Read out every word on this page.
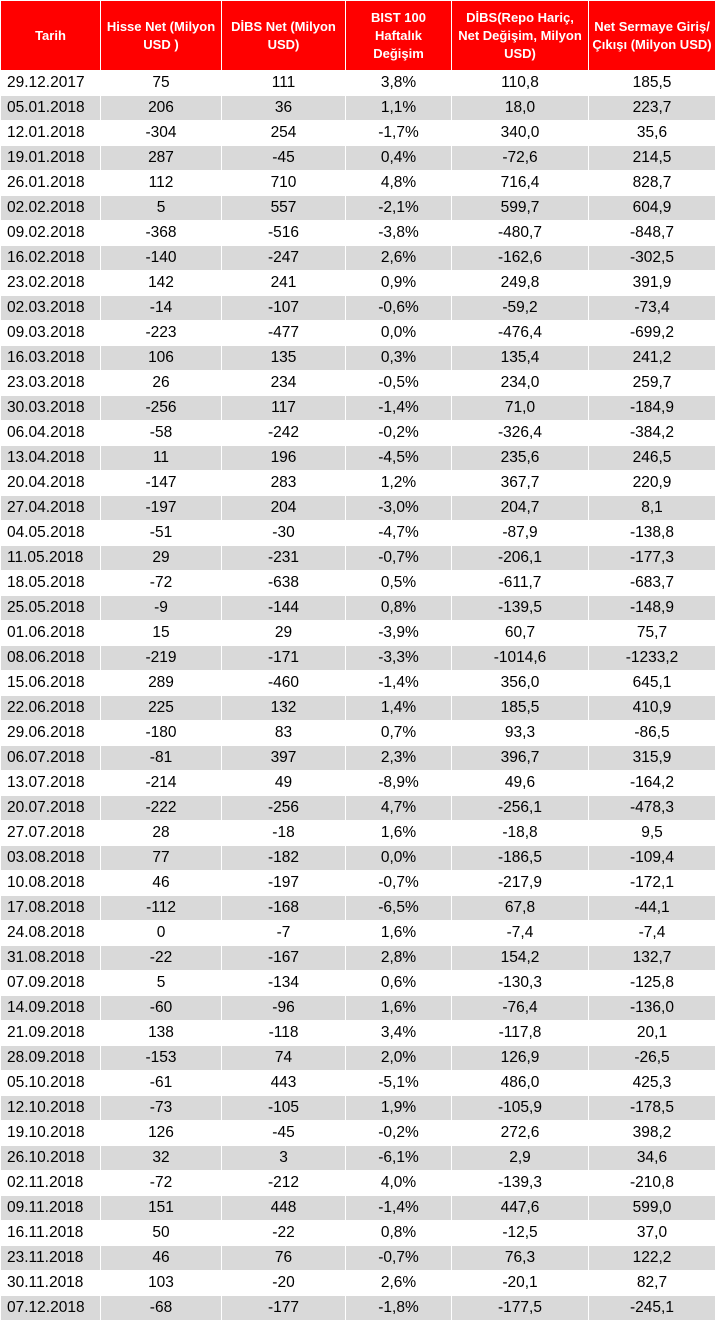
Tarih	Hisse Net (Milyon USD )	DİBS Net (Milyon USD)	BIST 100 Haftalık Değişim	DİBS(Repo Hariç, Net Değişim, Milyon USD)	Net Sermaye Giriş/Çıkışı (Milyon USD)
29.12.2017	75	111	3,8%	110,8	185,5
05.01.2018	206	36	1,1%	18,0	223,7
12.01.2018	-304	254	-1,7%	340,0	35,6
19.01.2018	287	-45	0,4%	-72,6	214,5
26.01.2018	112	710	4,8%	716,4	828,7
02.02.2018	5	557	-2,1%	599,7	604,9
09.02.2018	-368	-516	-3,8%	-480,7	-848,7
16.02.2018	-140	-247	2,6%	-162,6	-302,5
23.02.2018	142	241	0,9%	249,8	391,9
02.03.2018	-14	-107	-0,6%	-59,2	-73,4
09.03.2018	-223	-477	0,0%	-476,4	-699,2
16.03.2018	106	135	0,3%	135,4	241,2
23.03.2018	26	234	-0,5%	234,0	259,7
30.03.2018	-256	117	-1,4%	71,0	-184,9
06.04.2018	-58	-242	-0,2%	-326,4	-384,2
13.04.2018	11	196	-4,5%	235,6	246,5
20.04.2018	-147	283	1,2%	367,7	220,9
27.04.2018	-197	204	-3,0%	204,7	8,1
04.05.2018	-51	-30	-4,7%	-87,9	-138,8
11.05.2018	29	-231	-0,7%	-206,1	-177,3
18.05.2018	-72	-638	0,5%	-611,7	-683,7
25.05.2018	-9	-144	0,8%	-139,5	-148,9
01.06.2018	15	29	-3,9%	60,7	75,7
08.06.2018	-219	-171	-3,3%	-1014,6	-1233,2
15.06.2018	289	-460	-1,4%	356,0	645,1
22.06.2018	225	132	1,4%	185,5	410,9
29.06.2018	-180	83	0,7%	93,3	-86,5
06.07.2018	-81	397	2,3%	396,7	315,9
13.07.2018	-214	49	-8,9%	49,6	-164,2
20.07.2018	-222	-256	4,7%	-256,1	-478,3
27.07.2018	28	-18	1,6%	-18,8	9,5
03.08.2018	77	-182	0,0%	-186,5	-109,4
10.08.2018	46	-197	-0,7%	-217,9	-172,1
17.08.2018	-112	-168	-6,5%	67,8	-44,1
24.08.2018	0	-7	1,6%	-7,4	-7,4
31.08.2018	-22	-167	2,8%	154,2	132,7
07.09.2018	5	-134	0,6%	-130,3	-125,8
14.09.2018	-60	-96	1,6%	-76,4	-136,0
21.09.2018	138	-118	3,4%	-117,8	20,1
28.09.2018	-153	74	2,0%	126,9	-26,5
05.10.2018	-61	443	-5,1%	486,0	425,3
12.10.2018	-73	-105	1,9%	-105,9	-178,5
19.10.2018	126	-45	-0,2%	272,6	398,2
26.10.2018	32	3	-6,1%	2,9	34,6
02.11.2018	-72	-212	4,0%	-139,3	-210,8
09.11.2018	151	448	-1,4%	447,6	599,0
16.11.2018	50	-22	0,8%	-12,5	37,0
23.11.2018	46	76	-0,7%	76,3	122,2
30.11.2018	103	-20	2,6%	-20,1	82,7
07.12.2018	-68	-177	-1,8%	-177,5	-245,1
